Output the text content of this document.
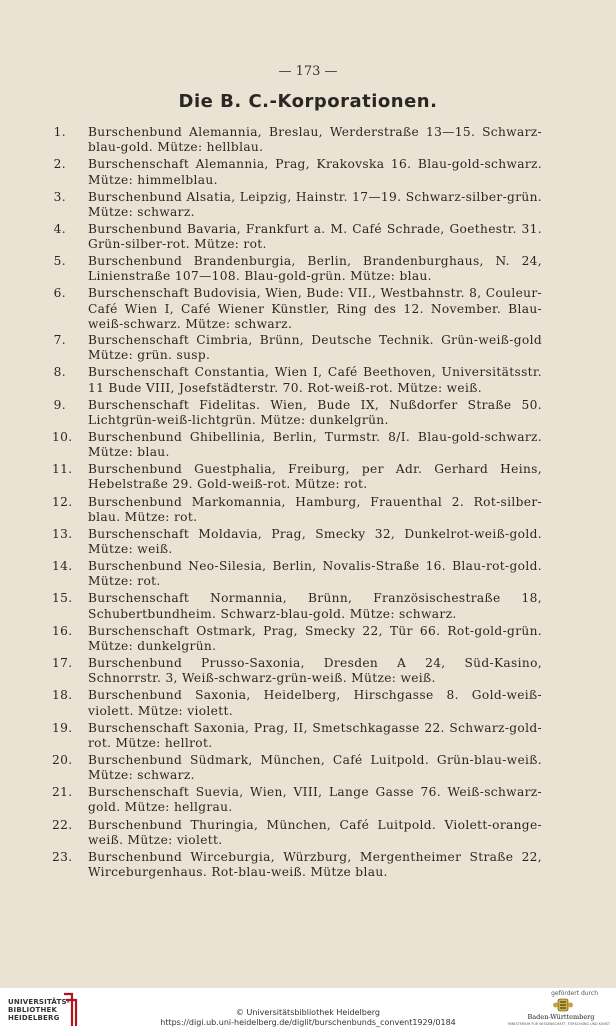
— 173 —
Die B. C.-Korporationen.
1. Burschenbund Alemannia, Breslau, Werderstraße 13—15. Schwarz-blau-gold. Mütze: hellblau.
2. Burschenschaft Alemannia, Prag, Krakovska 16. Blau-gold-schwarz. Mütze: himmelblau.
3. Burschenbund Alsatia, Leipzig, Hainstr. 17—19. Schwarz-silber-grün. Mütze: schwarz.
4. Burschenbund Bavaria, Frankfurt a. M. Café Schrade, Goethestr. 31. Grün-silber-rot. Mütze: rot.
5. Burschenbund Brandenburgia, Berlin, Brandenburghaus, N. 24, Linienstraße 107—108. Blau-gold-grün. Mütze: blau.
6. Burschenschaft Budovisia, Wien, Bude: VII., Westbahnstr. 8, Couleur-Café Wien I, Café Wiener Künstler, Ring des 12. November. Blau-weiß-schwarz. Mütze: schwarz.
7. Burschenschaft Cimbria, Brünn, Deutsche Technik. Grün-weiß-gold Mütze: grün. susp.
8. Burschenschaft Constantia, Wien I, Café Beethoven, Universitätsstr. 11 Bude VIII, Josefstädterstr. 70. Rot-weiß-rot. Mütze: weiß.
9. Burschenschaft Fidelitas. Wien, Bude IX, Nußdorfer Straße 50. Lichtgrün-weiß-lichtgrün. Mütze: dunkelgrün.
10. Burschenbund Ghibellinia, Berlin, Turmstr. 8/I. Blau-gold-schwarz. Mütze: blau.
11. Burschenbund Guestphalia, Freiburg, per Adr. Gerhard Heins, Hebelstraße 29. Gold-weiß-rot. Mütze: rot.
12. Burschenbund Markomannia, Hamburg, Frauenthal 2. Rot-silber-blau. Mütze: rot.
13. Burschenschaft Moldavia, Prag, Smecky 32, Dunkelrot-weiß-gold. Mütze: weiß.
14. Burschenbund Neo-Silesia, Berlin, Novalis-Straße 16. Blau-rot-gold. Mütze: rot.
15. Burschenschaft Normannia, Brünn, Französischestraße 18, Schubertbundheim. Schwarz-blau-gold. Mütze: schwarz.
16. Burschenschaft Ostmark, Prag, Smecky 22, Tür 66. Rot-gold-grün. Mütze: dunkelgrün.
17. Burschenbund Prusso-Saxonia, Dresden A 24, Süd-Kasino, Schnorrstr. 3, Weiß-schwarz-grün-weiß. Mütze: weiß.
18. Burschenbund Saxonia, Heidelberg, Hirschgasse 8. Gold-weiß-violett. Mütze: violett.
19. Burschenschaft Saxonia, Prag, II, Smetschkagasse 22. Schwarz-gold-rot. Mütze: hellrot.
20. Burschenbund Südmark, München, Café Luitpold. Grün-blau-weiß. Mütze: schwarz.
21. Burschenschaft Suevia, Wien, VIII, Lange Gasse 76. Weiß-schwarz-gold. Mütze: hellgrau.
22. Burschenbund Thuringia, München, Café Luitpold. Violett-orange-weiß. Mütze: violett.
23. Burschenbund Wirceburgia, Würzburg, Mergentheimer Straße 22, Wirceburgenhaus. Rot-blau-weiß. Mütze blau.
UNIVERSITÄTS-
BIBLIOTHEK
HEIDELBERG
© Universitätsbibliothek Heidelberg
https://digi.ub.uni-heidelberg.de/diglit/burschenbunds_convent1929/0184
gefördert durch
Baden-Württemberg
MINISTERIUM FÜR WISSENSCHAFT, FORSCHUNG UND KUNST
